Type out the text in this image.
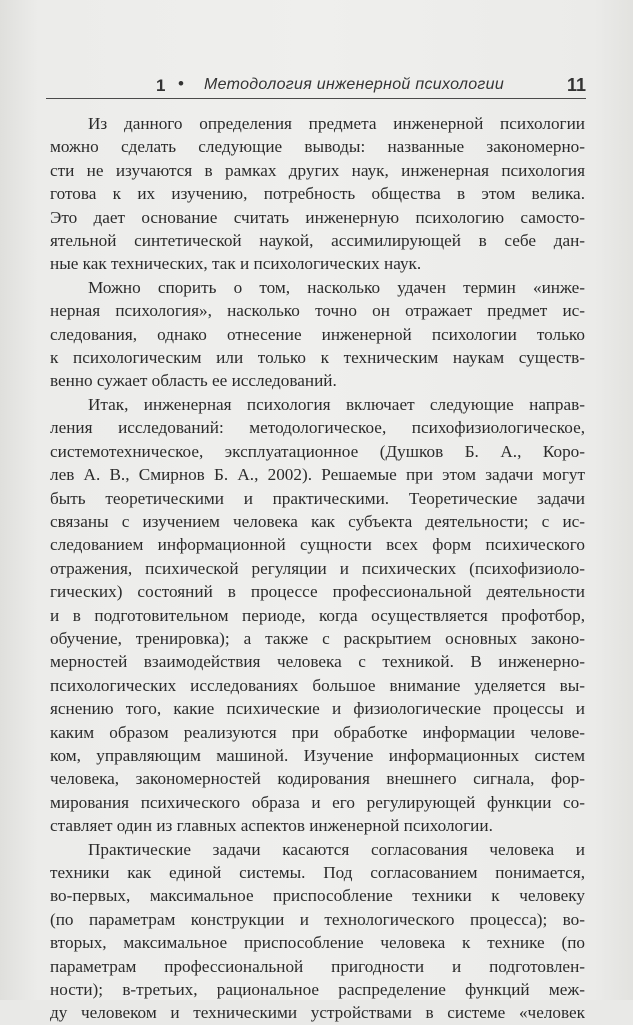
1 • Методология инженерной психологии	11
Из данного определения предмета инженерной психологии
можно сделать следующие выводы: названные закономерно-
сти не изучаются в рамках других наук, инженерная психология
готова к их изучению, потребность общества в этом велика.
Это дает основание считать инженерную психологию самосто-
ятельной синтетической наукой, ассимилирующей в себе дан-
ные как технических, так и психологических наук.
Можно спорить о том, насколько удачен термин «инже-
нерная психология», насколько точно он отражает предмет ис-
следования, однако отнесение инженерной психологии только
к психологическим или только к техническим наукам существ-
венно сужает область ее исследований.
Итак, инженерная психология включает следующие направ-
ления исследований: методологическое, психофизиологическое,
системотехническое, эксплуатационное (Душков Б. А., Коро-
лев А. В., Смирнов Б. А., 2002). Решаемые при этом задачи могут
быть теоретическими и практическими. Теоретические задачи
связаны с изучением человека как субъекта деятельности; с ис-
следованием информационной сущности всех форм психического
отражения, психической регуляции и психических (психофизиоло-
гических) состояний в процессе профессиональной деятельности
и в подготовительном периоде, когда осуществляется профотбор,
обучение, тренировка); а также с раскрытием основных законо-
мерностей взаимодействия человека с техникой. В инженерно-
психологических исследованиях большое внимание уделяется вы-
яснению того, какие психические и физиологические процессы и
каким образом реализуются при обработке информации челове-
ком, управляющим машиной. Изучение информационных систем
человека, закономерностей кодирования внешнего сигнала, фор-
мирования психического образа и его регулирующей функции со-
ставляет один из главных аспектов инженерной психологии.
Практические задачи касаются согласования человека и
техники как единой системы. Под согласованием понимается,
во-первых, максимальное приспособление техники к человеку
(по параметрам конструкции и технологического процесса); во-
вторых, максимальное приспособление человека к технике (по
параметрам профессиональной пригодности и подготовлен-
ности); в-третьих, рациональное распределение функций меж-
ду человеком и техническими устройствами в системе «человек
